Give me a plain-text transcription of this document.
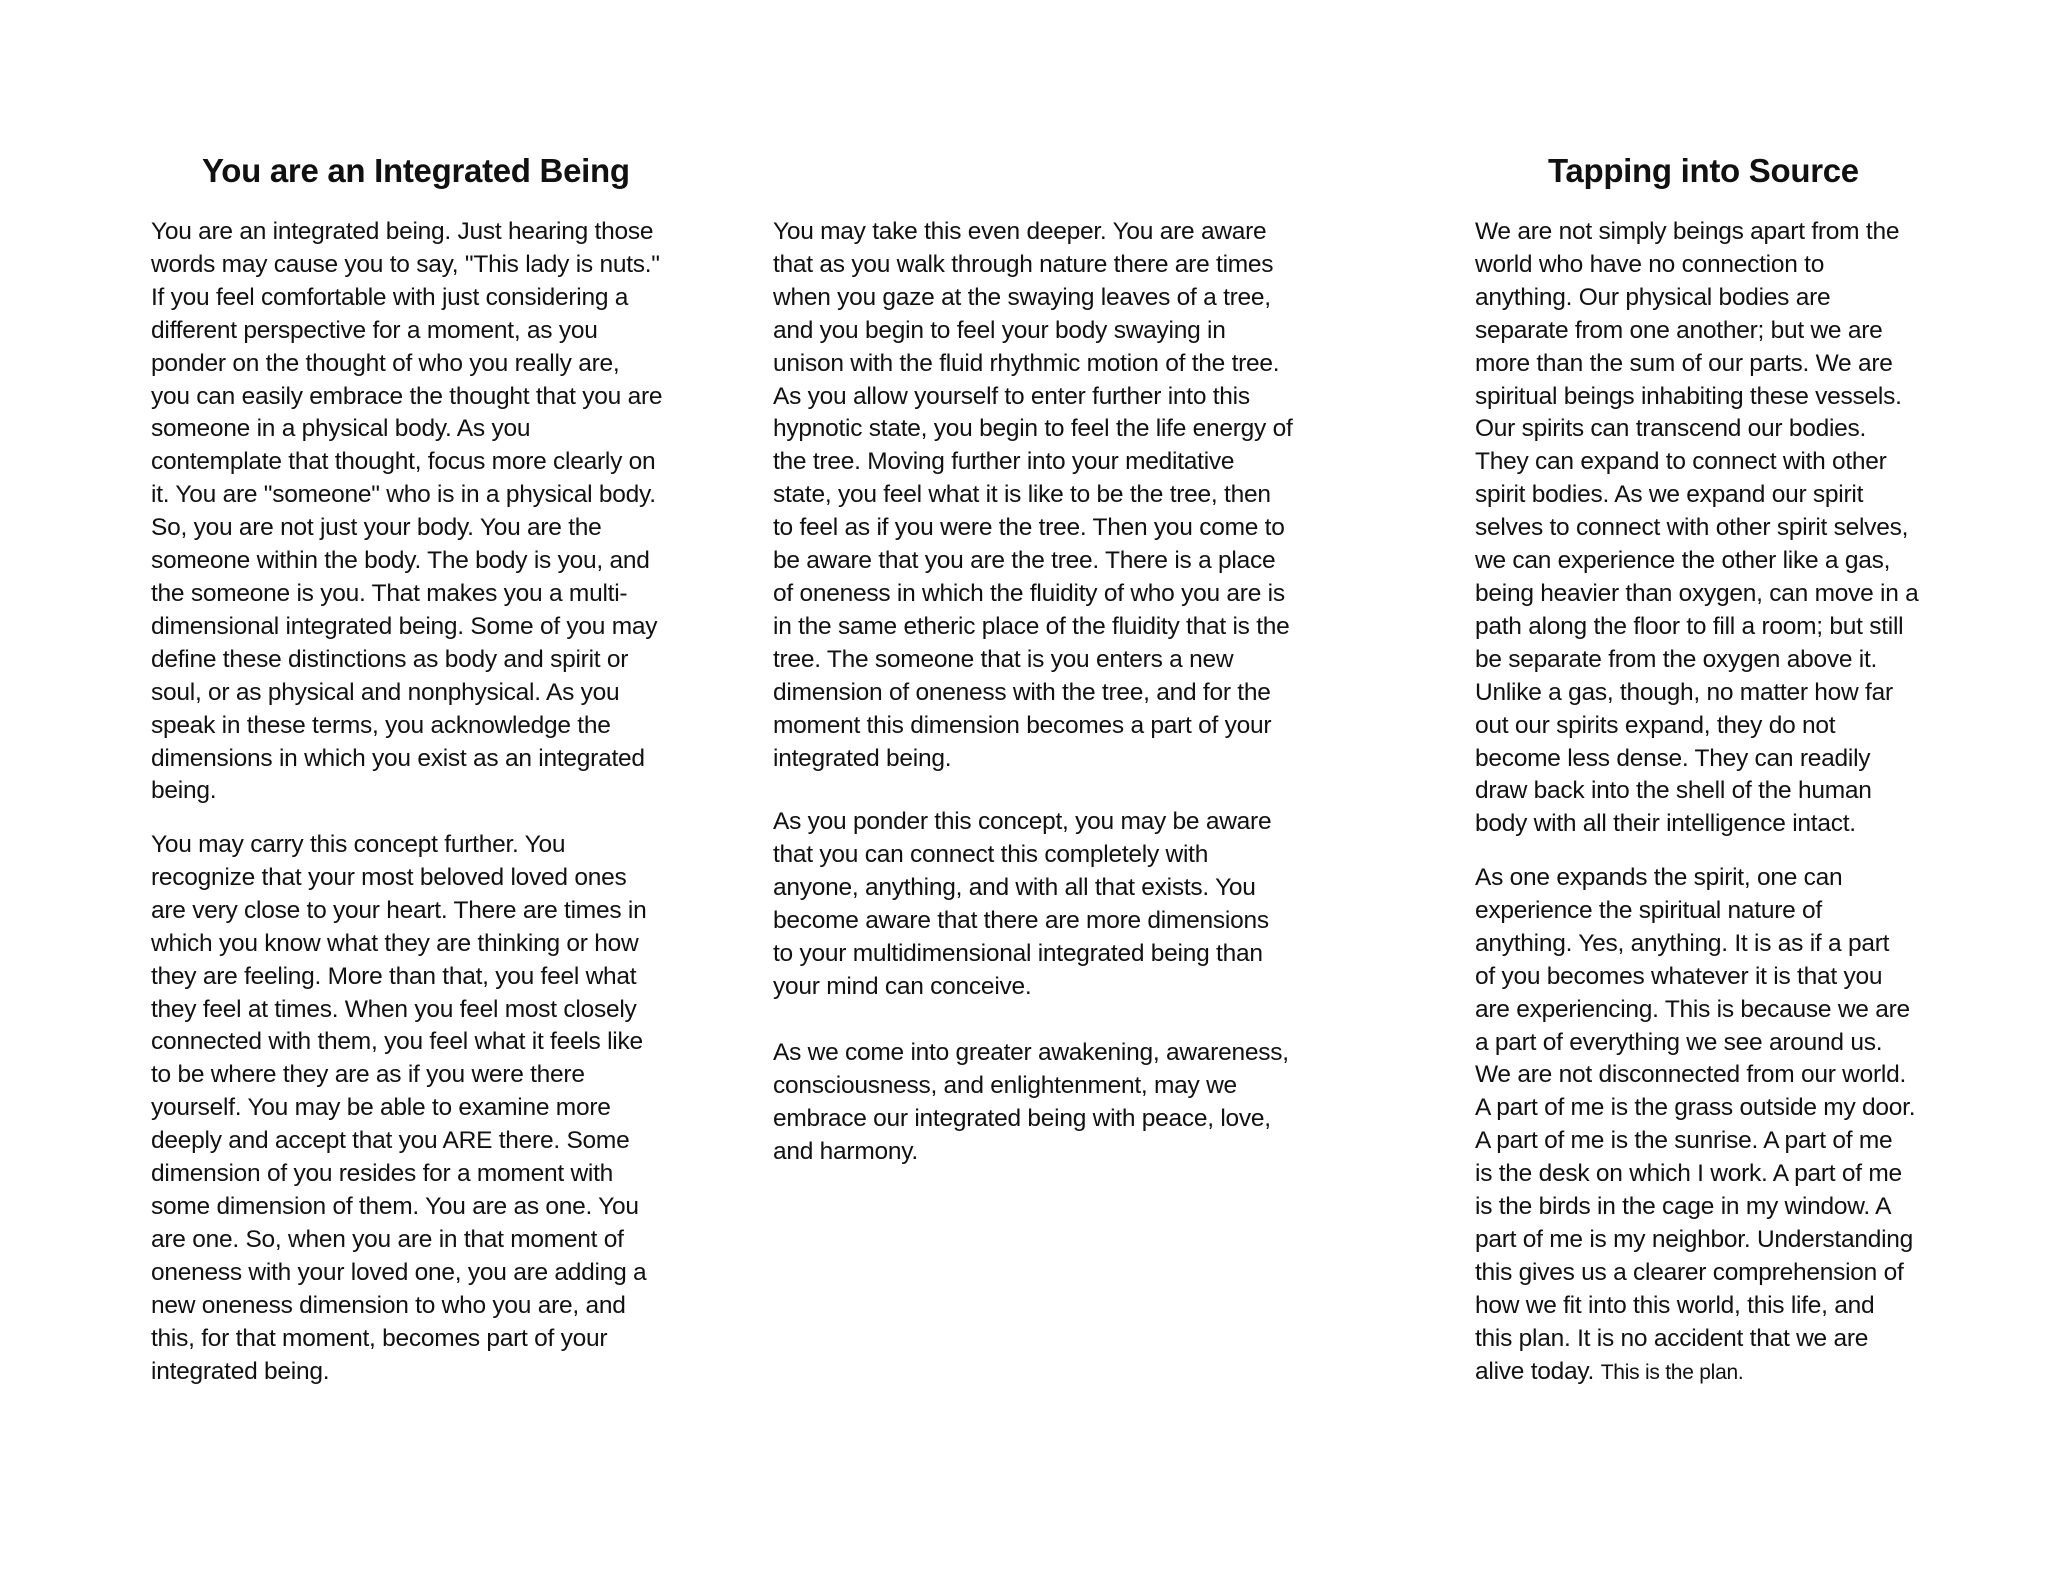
You are an Integrated Being	Tapping into Source
You are an integrated being. Just hearing those
words may cause you to say, "This lady is nuts."
If you feel comfortable with just considering a
different perspective for a moment, as you
ponder on the thought of who you really are,
you can easily embrace the thought that you are
someone in a physical body. As you
contemplate that thought, focus more clearly on
it. You are "someone" who is in a physical body.
So, you are not just your body. You are the
someone within the body. The body is you, and
the someone is you. That makes you a multi-
dimensional integrated being. Some of you may
define these distinctions as body and spirit or
soul, or as physical and nonphysical. As you
speak in these terms, you acknowledge the
dimensions in which you exist as an integrated
being.
You may carry this concept further. You
recognize that your most beloved loved ones
are very close to your heart. There are times in
which you know what they are thinking or how
they are feeling. More than that, you feel what
they feel at times. When you feel most closely
connected with them, you feel what it feels like
to be where they are as if you were there
yourself. You may be able to examine more
deeply and accept that you ARE there. Some
dimension of you resides for a moment with
some dimension of them. You are as one. You
are one. So, when you are in that moment of
oneness with your loved one, you are adding a
new oneness dimension to who you are, and
this, for that moment, becomes part of your
integrated being.
You may take this even deeper. You are aware
that as you walk through nature there are times
when you gaze at the swaying leaves of a tree,
and you begin to feel your body swaying in
unison with the fluid rhythmic motion of the tree.
As you allow yourself to enter further into this
hypnotic state, you begin to feel the life energy of
the tree. Moving further into your meditative
state, you feel what it is like to be the tree, then
to feel as if you were the tree. Then you come to
be aware that you are the tree. There is a place
of oneness in which the fluidity of who you are is
in the same etheric place of the fluidity that is the
tree. The someone that is you enters a new
dimension of oneness with the tree, and for the
moment this dimension becomes a part of your
integrated being.
As you ponder this concept, you may be aware
that you can connect this completely with
anyone, anything, and with all that exists. You
become aware that there are more dimensions
to your multidimensional integrated being than
your mind can conceive.
As we come into greater awakening, awareness,
consciousness, and enlightenment, may we
embrace our integrated being with peace, love,
and harmony.
We are not simply beings apart from the
world who have no connection to
anything. Our physical bodies are
separate from one another; but we are
more than the sum of our parts. We are
spiritual beings inhabiting these vessels.
Our spirits can transcend our bodies.
They can expand to connect with other
spirit bodies. As we expand our spirit
selves to connect with other spirit selves,
we can experience the other like a gas,
being heavier than oxygen, can move in a
path along the floor to fill a room; but still
be separate from the oxygen above it.
Unlike a gas, though, no matter how far
out our spirits expand, they do not
become less dense. They can readily
draw back into the shell of the human
body with all their intelligence intact.
As one expands the spirit, one can
experience the spiritual nature of
anything. Yes, anything. It is as if a part
of you becomes whatever it is that you
are experiencing. This is because we are
a part of everything we see around us.
We are not disconnected from our world.
A part of me is the grass outside my door.
A part of me is the sunrise. A part of me
is the desk on which I work. A part of me
is the birds in the cage in my window. A
part of me is my neighbor. Understanding
this gives us a clearer comprehension of
how we fit into this world, this life, and
this plan. It is no accident that we are
alive today. This is the plan.
